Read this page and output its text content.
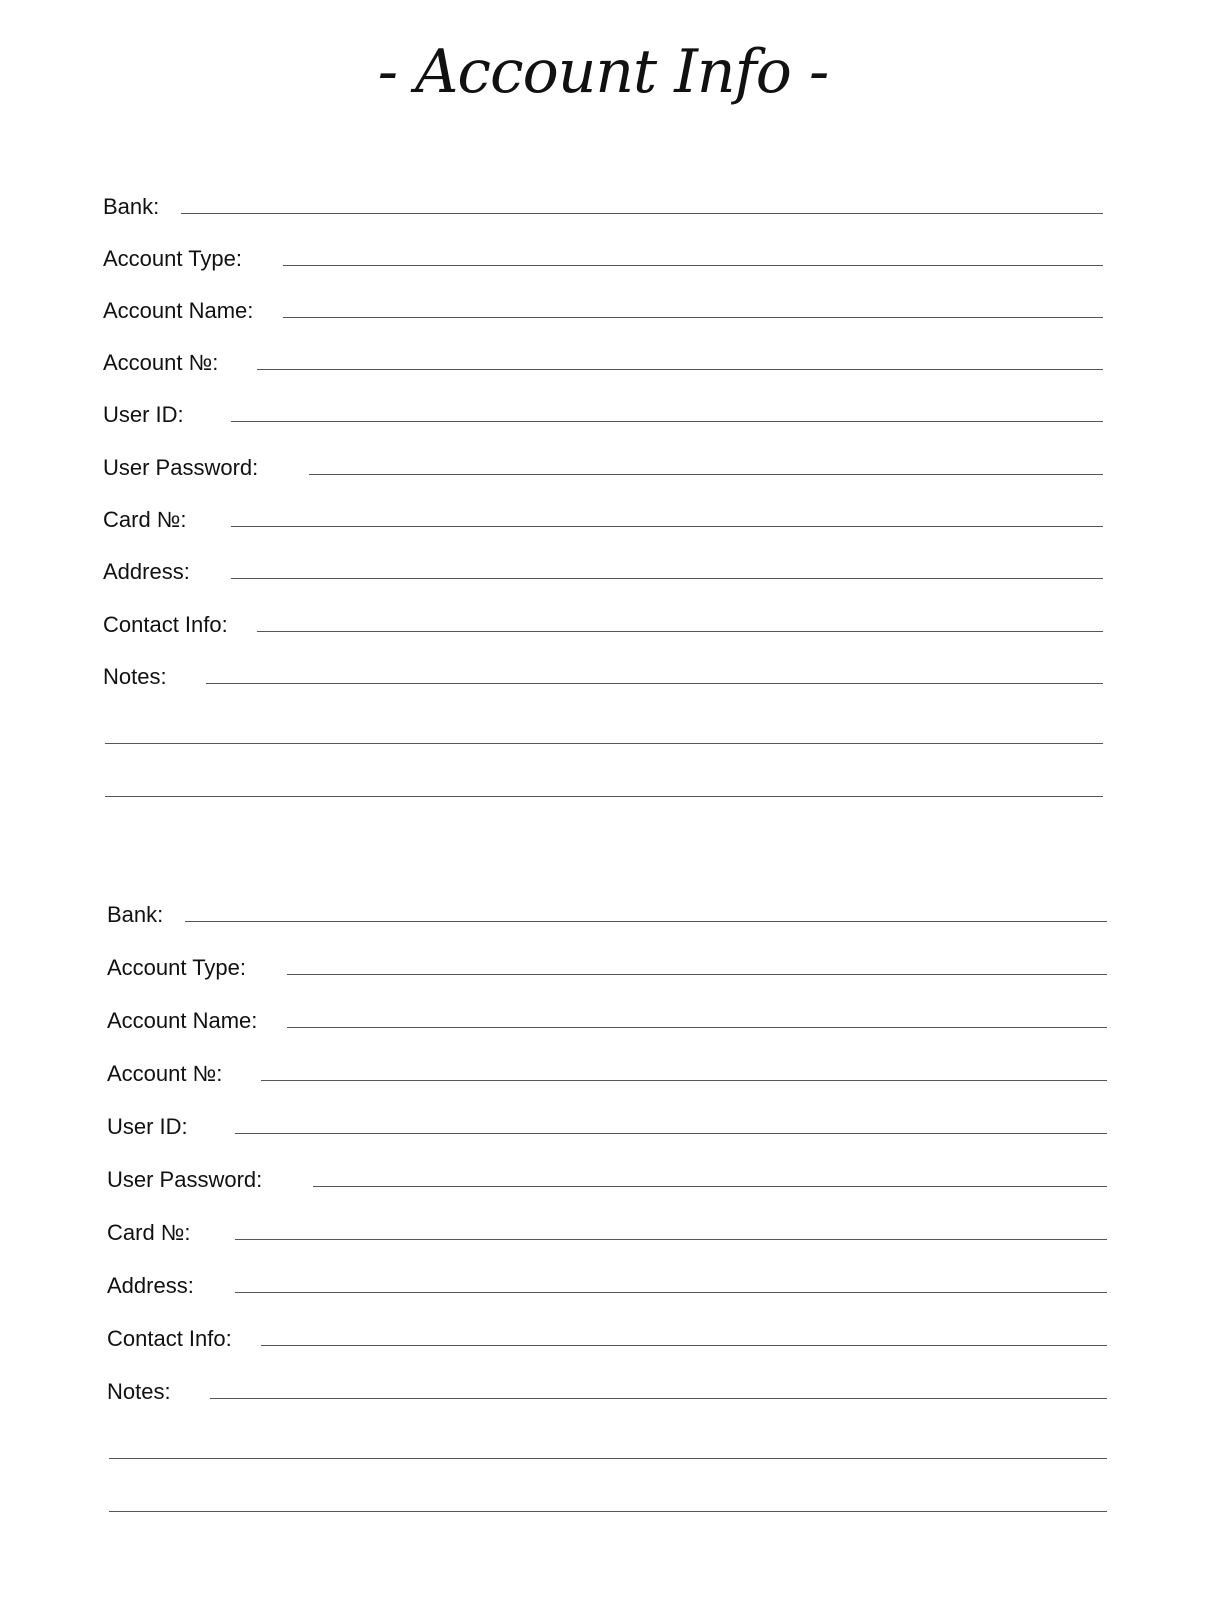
- Account Info -
Bank:
Account Type:
Account Name:
Account №:
User ID:
User Password:
Card №:
Address:
Contact Info:
Notes:
Bank:
Account Type:
Account Name:
Account №:
User ID:
User Password:
Card №:
Address:
Contact Info:
Notes:
